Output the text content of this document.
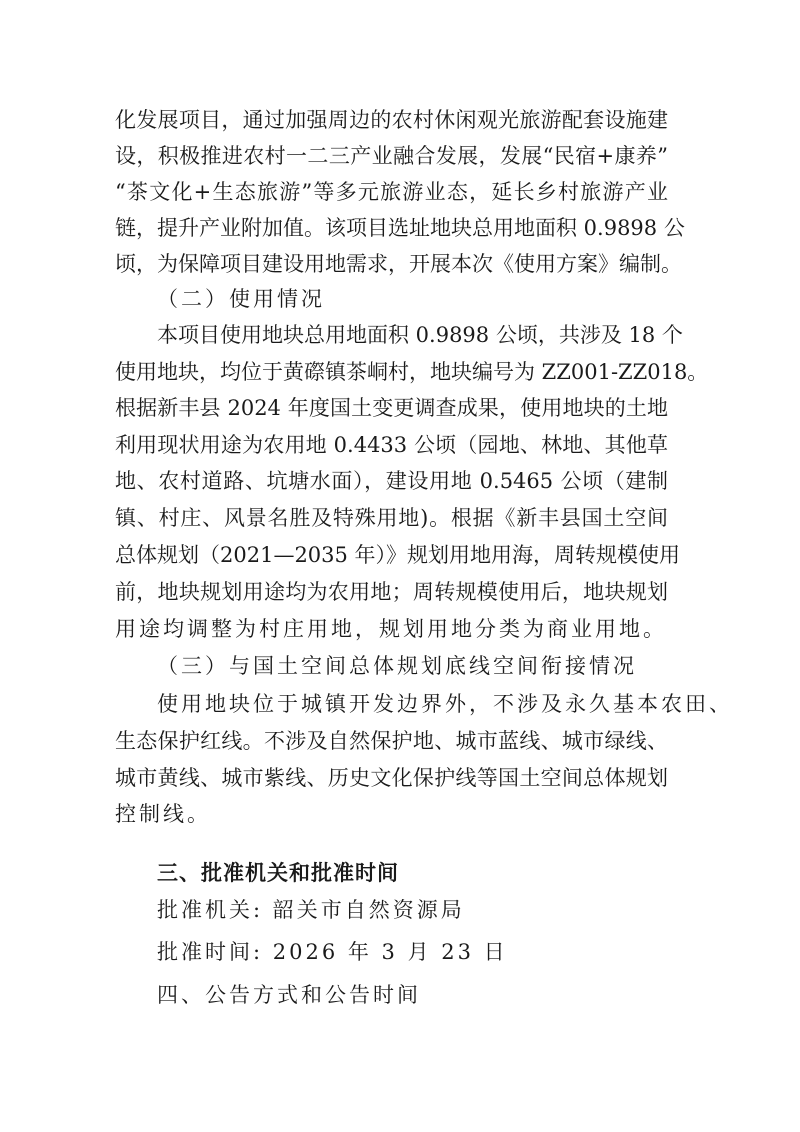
化发展项目，通过加强周边的农村休闲观光旅游配套设施建
设，积极推进农村一二三产业融合发展，发展“民宿+康养”
“茶文化+生态旅游”等多元旅游业态，延长乡村旅游产业
链，提升产业附加值。该项目选址地块总用地面积 0.9898 公
顷，为保障项目建设用地需求，开展本次《使用方案》编制。
（二）使用情况
本项目使用地块总用地面积 0.9898 公顷，共涉及 18 个
使用地块，均位于黄磜镇茶峒村，地块编号为 ZZ001-ZZ018。
根据新丰县 2024 年度国土变更调查成果，使用地块的土地
利用现状用途为农用地 0.4433 公顷（园地、林地、其他草
地、农村道路、坑塘水面），建设用地 0.5465 公顷（建制
镇、村庄、风景名胜及特殊用地)。根据《新丰县国土空间
总体规划（2021—2035 年）》规划用地用海，周转规模使用
前，地块规划用途均为农用地；周转规模使用后，地块规划
用途均调整为村庄用地，规划用地分类为商业用地。
（三）与国土空间总体规划底线空间衔接情况
使用地块位于城镇开发边界外，不涉及永久基本农田、
生态保护红线。不涉及自然保护地、城市蓝线、城市绿线、
城市黄线、城市紫线、历史文化保护线等国土空间总体规划
控制线。
三、批准机关和批准时间
批准机关: 韶关市自然资源局
批准时间: 2026 年 3 月 23 日
四、公告方式和公告时间
